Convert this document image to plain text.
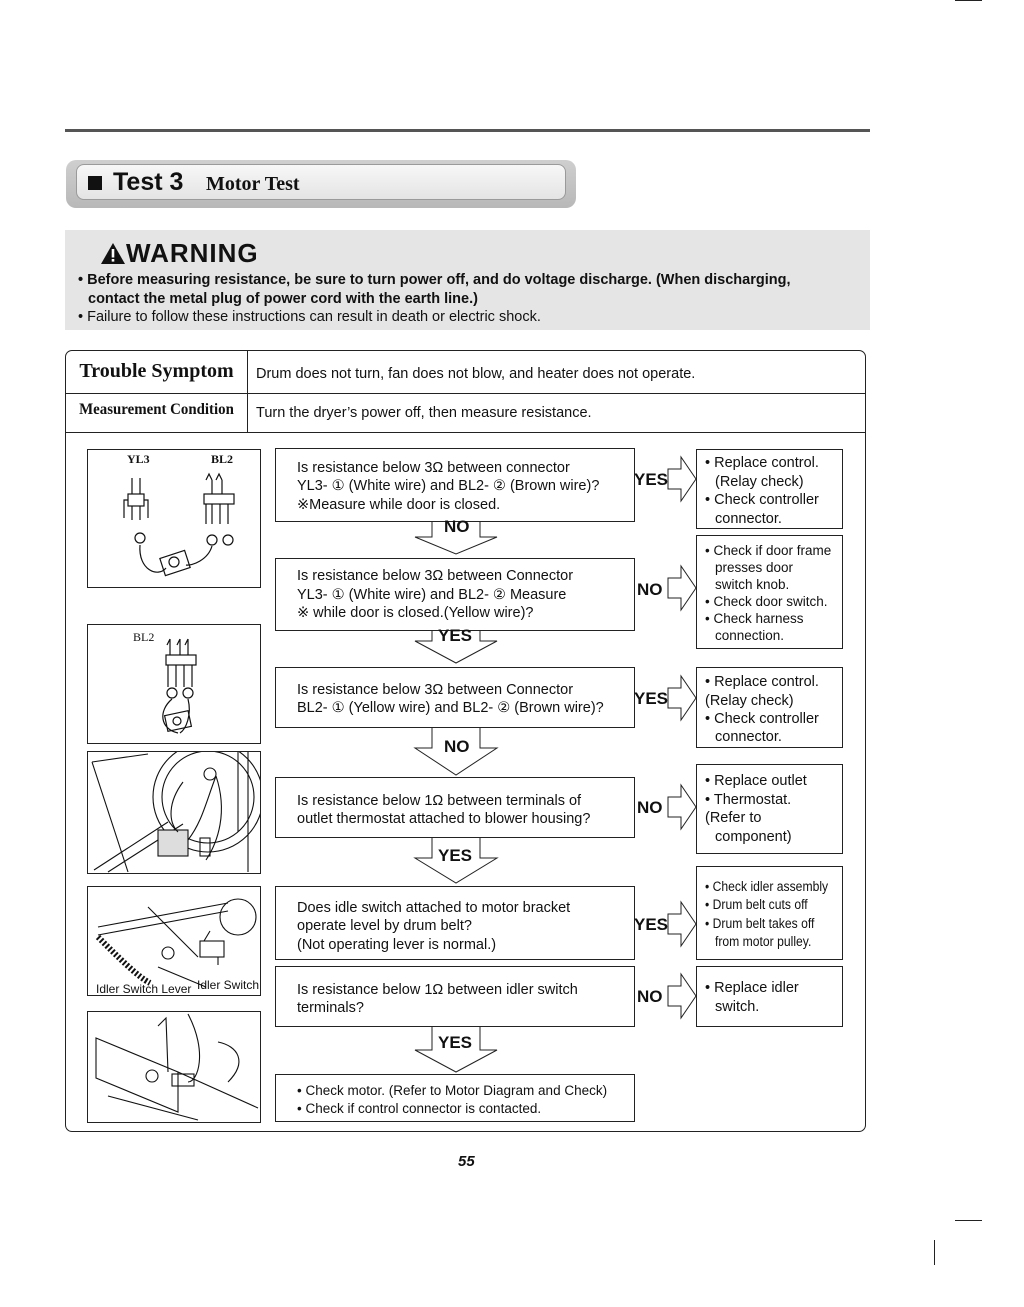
Test 3 Motor Test
WARNING
• Before measuring resistance, be sure to turn power off, and do voltage discharge. (When discharging,
contact the metal plug of power cord with the earth line.)
• Failure to follow these instructions can result in death or electric shock.
Trouble Symptom	Drum does not turn, fan does not blow, and heater does not operate.
Measurement Condition	Turn the dryer’s power off, then measure resistance.
YL3	BL2
BL2
Idler Switch Lever Idler Switch
Is resistance below 3Ω between connector
YL3- ① (White wire) and BL2- ② (Brown wire)?
※Measure while door is closed.
Is resistance below 3Ω between Connector
YL3- ① (White wire) and BL2- ② Measure
※ while door is closed.(Yellow wire)?
Is resistance below 3Ω between Connector
BL2- ① (Yellow wire) and BL2- ② (Brown wire)?
Is resistance below 1Ω between terminals of
outlet thermostat attached to blower housing?
Does idle switch attached to motor bracket
operate level by drum belt?
(Not operating lever is normal.)
Is resistance below 1Ω between idler switch
terminals?
• Check motor. (Refer to Motor Diagram and Check)
• Check if control connector is contacted.
• Replace control.
(Relay check)
• Check controller
connector.
• Check if door frame
presses door
switch knob.
• Check door switch.
• Check harness
connection.
• Replace control.
(Relay check)
• Check controller
connector.
• Replace outlet
• Thermostat.
(Refer to
component)
• Check idler assembly
• Drum belt cuts off
• Drum belt takes off
from motor pulley.
• Replace idler
switch.
YES
NO
NO
YES
YES
NO
NO
YES
YES
NO
YES
55
